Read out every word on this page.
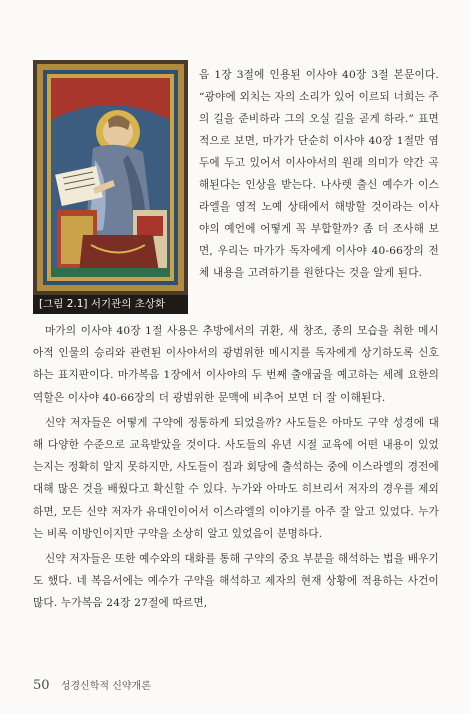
[그림 2.1] 서기관의 초상화

음 1장 3절에 인용된 이사야 40장 3절 본문이다. “광야에 외치는 자의 소리가 있어 이르되 너희는 주의 길을 준비하라 그의 오실 길을 곧게 하라.” 표면적으로 보면, 마가가 단순히 이사야 40장 1절만 염두에 두고 있어서 이사야서의 원래 의미가 약간 곡해된다는 인상을 받는다. 나사렛 출신 예수가 이스라엘을 영적 노예 상태에서 해방할 것이라는 이사야의 예언에 어떻게 꼭 부합할까? 좀 더 조사해 보면, 우리는 마가가 독자에게 이사야 40-66장의 전체 내용을 고려하기를 원한다는 것을 알게 된다.

마가의 이사야 40장 1절 사용은 추방에서의 귀환, 새 창조, 종의 모습을 취한 메시아적 인물의 승리와 관련된 이사야서의 광범위한 메시지를 독자에게 상기하도록 신호하는 표지판이다. 마가복음 1장에서 이사야의 두 번째 출애굽을 예고하는 세례 요한의 역할은 이사야 40-66장의 더 광범위한 문맥에 비추어 보면 더 잘 이해된다.

신약 저자들은 어떻게 구약에 정통하게 되었을까? 사도들은 아마도 구약 성경에 대해 다양한 수준으로 교육받았을 것이다. 사도들의 유년 시절 교육에 어떤 내용이 있었는지는 정확히 알지 못하지만, 사도들이 집과 회당에 출석하는 중에 이스라엘의 경전에 대해 많은 것을 배웠다고 확신할 수 있다. 누가와 아마도 히브리서 저자의 경우를 제외하면, 모든 신약 저자가 유대인이어서 이스라엘의 이야기를 아주 잘 알고 있었다. 누가는 비록 이방인이지만 구약을 소상히 알고 있었음이 분명하다.

신약 저자들은 또한 예수와의 대화를 통해 구약의 중요 부분을 해석하는 법을 배우기도 했다. 네 복음서에는 예수가 구약을 해석하고 제자의 현재 상황에 적용하는 사건이 많다. 누가복음 24장 27절에 따르면,

50 성경신학적 신약개론
